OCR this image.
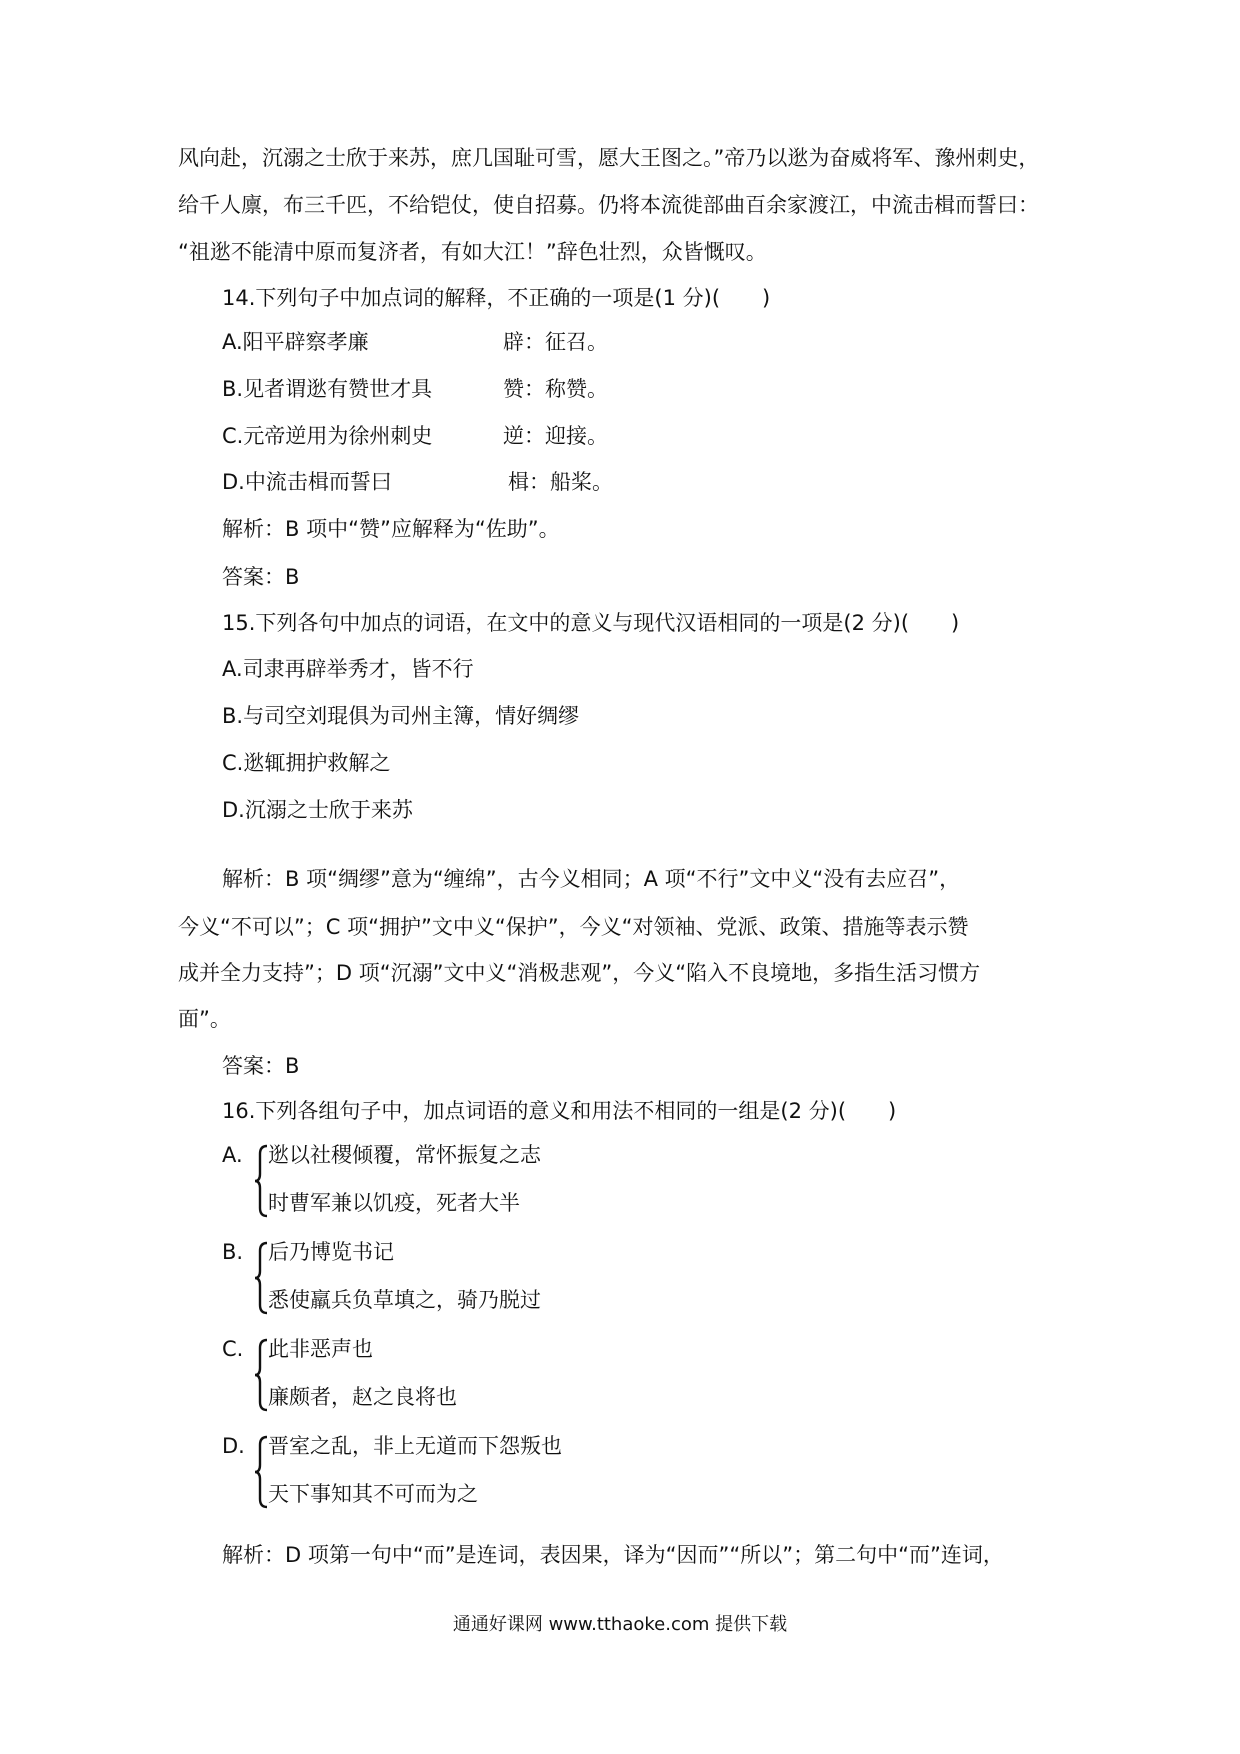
风向赴，沉溺之士欣于来苏，庶几国耻可雪，愿大王图之。”帝乃以逖为奋威将军、豫州刺史，
给千人廪，布三千匹，不给铠仗，使自招募。仍将本流徙部曲百余家渡江，中流击楫而誓曰：
“祖逖不能清中原而复济者，有如大江！”辞色壮烈，众皆慨叹。
14.下列句子中加点词的解释，不正确的一项是(1 分)(　　)
A.阳平辟察孝廉	辟：征召。
B.见者谓逖有赞世才具	赞：称赞。
C.元帝逆用为徐州刺史	逆：迎接。
D.中流击楫而誓曰	楫：船桨。
解析：B 项中“赞”应解释为“佐助”。
答案：B
15.下列各句中加点的词语，在文中的意义与现代汉语相同的一项是(2 分)(　　)
A.司隶再辟举秀才，皆不行
B.与司空刘琨俱为司州主簿，情好绸缪
C.逖辄拥护救解之
D.沉溺之士欣于来苏
解析：B 项“绸缪”意为“缠绵”，古今义相同；A 项“不行”文中义“没有去应召”，
今义“不可以”；C 项“拥护”文中义“保护”，今义“对领袖、党派、政策、措施等表示赞
成并全力支持”；D 项“沉溺”文中义“消极悲观”，今义“陷入不良境地，多指生活习惯方
面”。
答案：B
16.下列各组句子中，加点词语的意义和用法不相同的一组是(2 分)(　　)
A. 逖以社稷倾覆，常怀振复之志
时曹军兼以饥疫，死者大半
B. 后乃博览书记
悉使羸兵负草填之，骑乃脱过
C. 此非恶声也
廉颇者，赵之良将也
D. 晋室之乱，非上无道而下怨叛也
天下事知其不可而为之
解析：D 项第一句中“而”是连词，表因果，译为“因而”“所以”；第二句中“而”连词，
通通好课网 www.tthaoke.com 提供下载
